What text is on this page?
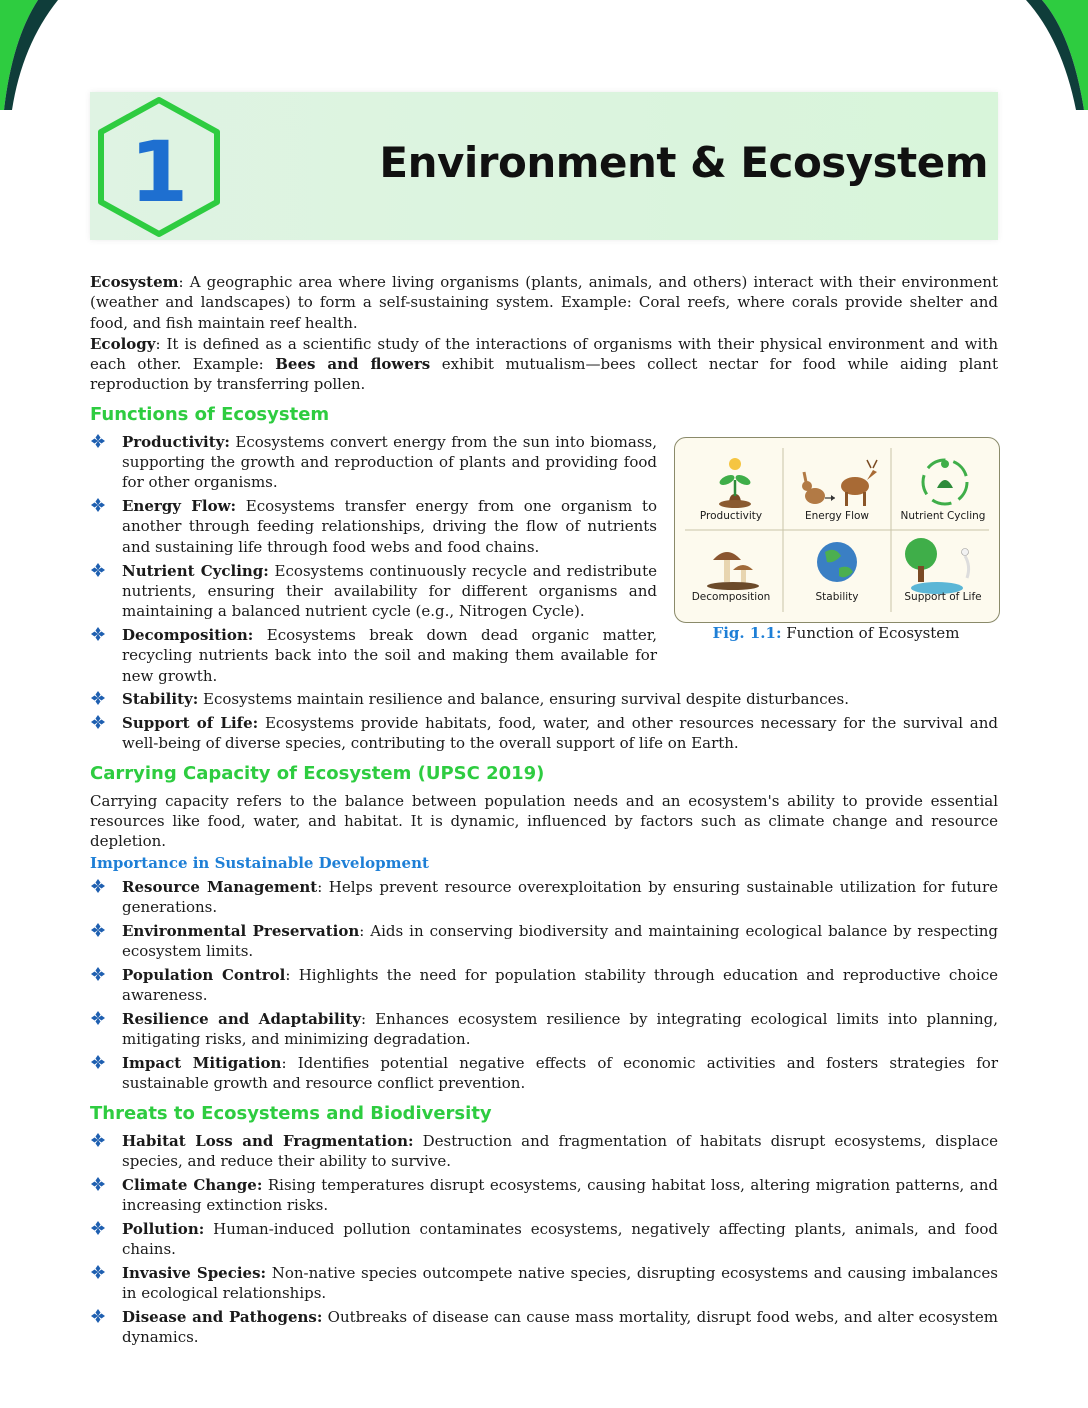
1	Environment & Ecosystem

Ecosystem: A geographic area where living organisms (plants, animals, and others) interact with their environment (weather and landscapes) to form a self-sustaining system. Example: Coral reefs, where corals provide shelter and food, and fish maintain reef health.

Ecology: It is defined as a scientific study of the interactions of organisms with their physical environment and with each other. Example: Bees and flowers exhibit mutualism—bees collect nectar for food while aiding plant reproduction by transferring pollen.

Functions of Ecosystem
Productivity: Ecosystems convert energy from the sun into biomass, supporting the growth and reproduction of plants and providing food for other organisms.
Energy Flow: Ecosystems transfer energy from one organism to another through feeding relationships, driving the flow of nutrients and sustaining life through food webs and food chains.
Nutrient Cycling: Ecosystems continuously recycle and redistribute nutrients, ensuring their availability for different organisms and maintaining a balanced nutrient cycle (e.g., Nitrogen Cycle).
Decomposition: Ecosystems break down dead organic matter, recycling nutrients back into the soil and making them available for new growth.
Stability: Ecosystems maintain resilience and balance, ensuring survival despite disturbances.
Support of Life: Ecosystems provide habitats, food, water, and other resources necessary for the survival and well-being of diverse species, contributing to the overall support of life on Earth.
Carrying Capacity of Ecosystem (UPSC 2019)

Carrying capacity refers to the balance between population needs and an ecosystem's ability to provide essential resources like food, water, and habitat. It is dynamic, influenced by factors such as climate change and resource depletion.

Importance in Sustainable Development
Resource Management: Helps prevent resource overexploitation by ensuring sustainable utilization for future generations.
Environmental Preservation: Aids in conserving biodiversity and maintaining ecological balance by respecting ecosystem limits.
Population Control: Highlights the need for population stability through education and reproductive choice awareness.
Resilience and Adaptability: Enhances ecosystem resilience by integrating ecological limits into planning, mitigating risks, and minimizing degradation.
Impact Mitigation: Identifies potential negative effects of economic activities and fosters strategies for sustainable growth and resource conflict prevention.
Threats to Ecosystems and Biodiversity
Habitat Loss and Fragmentation: Destruction and fragmentation of habitats disrupt ecosystems, displace species, and reduce their ability to survive.
Climate Change: Rising temperatures disrupt ecosystems, causing habitat loss, altering migration patterns, and increasing extinction risks.
Pollution: Human-induced pollution contaminates ecosystems, negatively affecting plants, animals, and food chains.
Invasive Species: Non-native species outcompete native species, disrupting ecosystems and causing imbalances in ecological relationships.
Disease and Pathogens: Outbreaks of disease can cause mass mortality, disrupt food webs, and alter ecosystem dynamics.
Productivity	Energy Flow	Nutrient Cycling
Decomposition	Stability	Support of Life
Fig. 1.1: Function of Ecosystem
